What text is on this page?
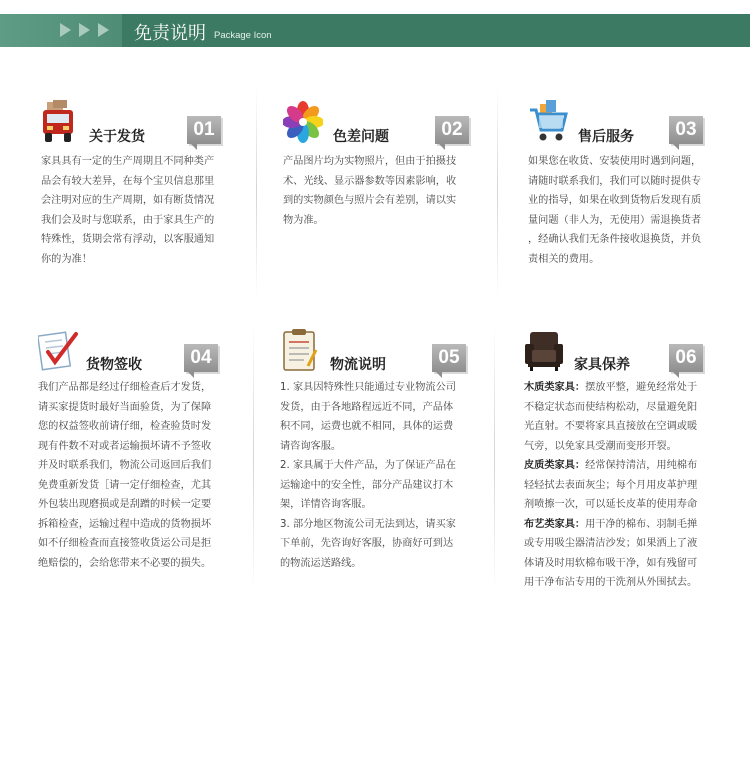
免责说明 Package Icon
关于发货	01

家具具有一定的生产周期且不同种类产

品会有较大差异，在每个宝贝信息那里

会注明对应的生产周期，如有断货情况

我们会及时与您联系，由于家具生产的

特殊性，货期会常有浮动，以客服通知

你的为准！

色差问题	02

产品图片均为实物照片，但由于拍摄技

术、光线、显示器参数等因素影响，收

到的实物颜色与照片会有差别，请以实

物为准。

售后服务	03

如果您在收货、安装使用时遇到问题，

请随时联系我们，我们可以随时提供专

业的指导，如果在收到货物后发现有质

量问题（非人为，无使用）需退换货者

，经确认我们无条件接收退换货，并负

责相关的费用。

货物签收	04

我们产品都是经过仔细检查后才发货，

请买家提货时最好当面验货，为了保障

您的权益签收前请仔细，检查验货时发

现有件数不对或者运输损坏请不予签收

并及时联系我们，物流公司返回后我们

免费重新发货［请一定仔细检查，尤其

外包装出现磨损或是刮蹭的时候一定要

拆箱检查，运输过程中造成的货物损坏

如不仔细检查而直接签收货运公司是拒

绝赔偿的，会给您带来不必要的损失。

物流说明	05

1. 家具因特殊性只能通过专业物流公司

发货，由于各地路程远近不同，产品体

积不同，运费也就不相同，具体的运费

请咨询客服。

2. 家具属于大件产品，为了保证产品在

运输途中的安全性，部分产品建议打木

架，详情咨询客服。

3. 部分地区物流公司无法到达，请买家

下单前，先咨询好客服，协商好可到达

的物流运送路线。

家具保养	06

木质类家具：摆放平整，避免经常处于

不稳定状态而使结构松动，尽量避免阳

光直射。不要将家具直接放在空调或暖

气旁，以免家具受潮而变形开裂。

皮质类家具：经常保持清洁，用纯棉布

轻轻拭去表面灰尘；每个月用皮革护理

剂喷擦一次，可以延长皮革的使用寿命

布艺类家具：用干净的棉布、羽制毛掸

或专用吸尘器清洁沙发；如果洒上了液

体请及时用软棉布吸干净，如有残留可

用干净布沾专用的干洗剂从外围拭去。
